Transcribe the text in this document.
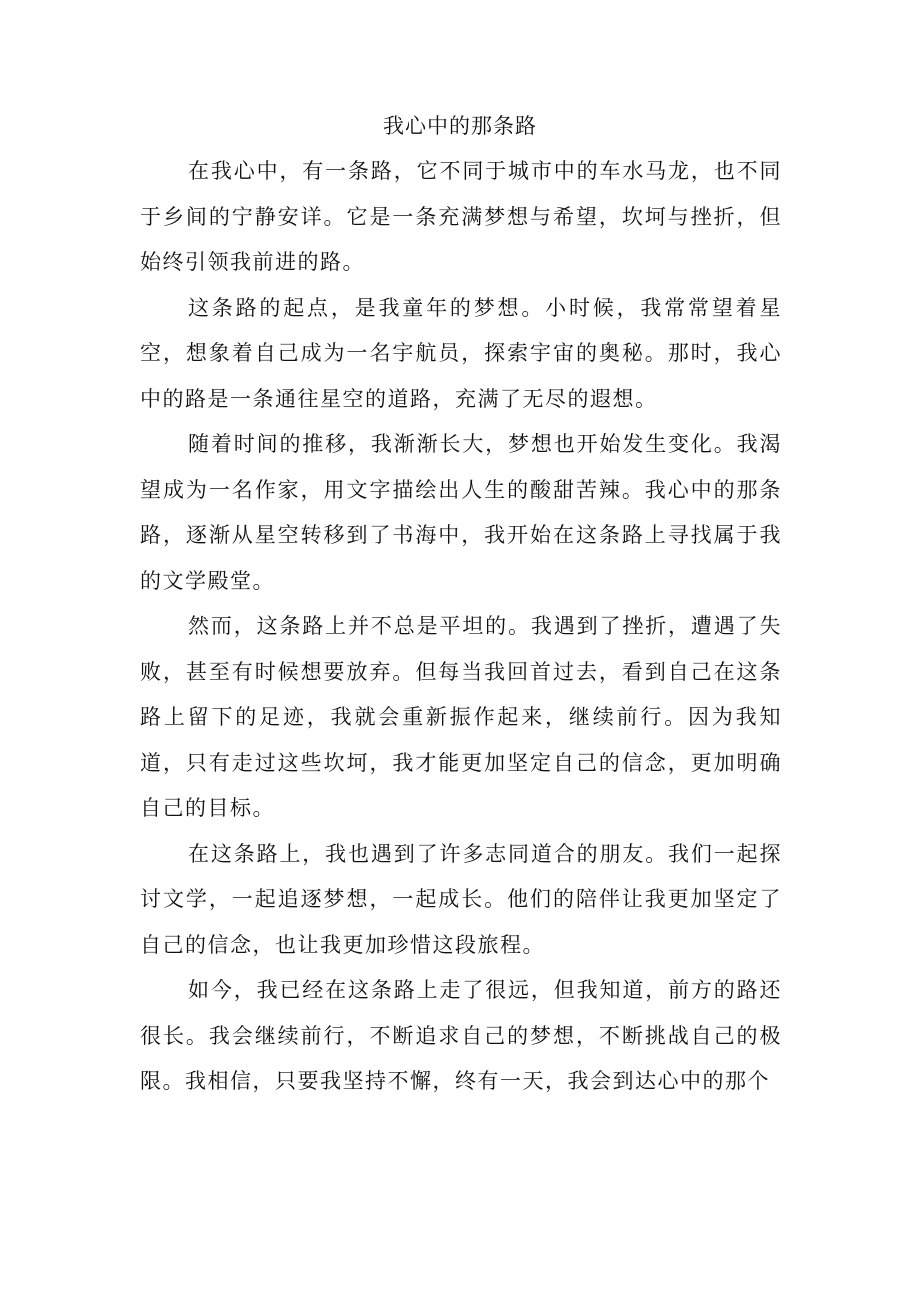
我心中的那条路

在我心中，有一条路，它不同于城市中的车水马龙，也不同于乡间的宁静安详。它是一条充满梦想与希望，坎坷与挫折，但始终引领我前进的路。

这条路的起点，是我童年的梦想。小时候，我常常望着星空，想象着自己成为一名宇航员，探索宇宙的奥秘。那时，我心中的路是一条通往星空的道路，充满了无尽的遐想。

随着时间的推移，我渐渐长大，梦想也开始发生变化。我渴望成为一名作家，用文字描绘出人生的酸甜苦辣。我心中的那条路，逐渐从星空转移到了书海中，我开始在这条路上寻找属于我的文学殿堂。

然而，这条路上并不总是平坦的。我遇到了挫折，遭遇了失败，甚至有时候想要放弃。但每当我回首过去，看到自己在这条路上留下的足迹，我就会重新振作起来，继续前行。因为我知道，只有走过这些坎坷，我才能更加坚定自己的信念，更加明确自己的目标。

在这条路上，我也遇到了许多志同道合的朋友。我们一起探讨文学，一起追逐梦想，一起成长。他们的陪伴让我更加坚定了自己的信念，也让我更加珍惜这段旅程。

如今，我已经在这条路上走了很远，但我知道，前方的路还很长。我会继续前行，不断追求自己的梦想，不断挑战自己的极限。我相信，只要我坚持不懈，终有一天，我会到达心中的那个
